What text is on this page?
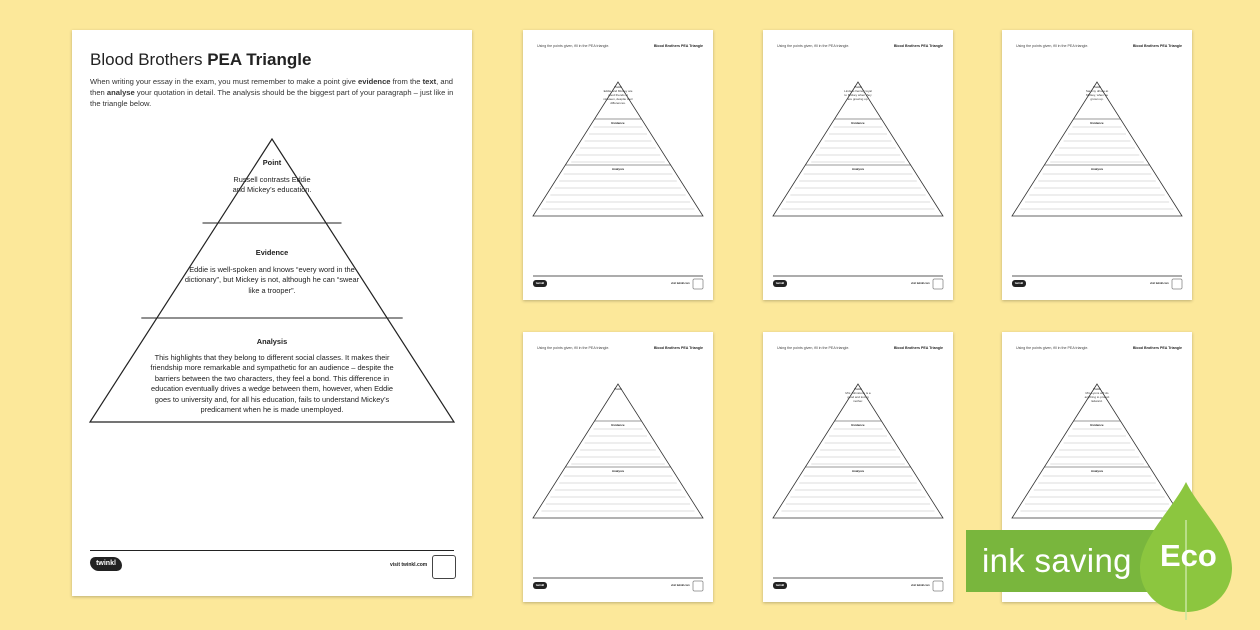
Blood Brothers PEA Triangle
When writing your essay in the exam, you must remember to make a point give evidence from the text, and then analyse your quotation in detail. The analysis should be the biggest part of your paragraph – just like in the triangle below.
Point
Russell contrasts Eddie and Mickey’s education.
Evidence
Eddie is well-spoken and knows “every word in the dictionary”, but Mickey is not, although he can “swear like a trooper”.
Analysis
This highlights that they belong to different social classes. It makes their friendship more remarkable and sympathetic for an audience – despite the barriers between the two characters, they feel a bond. This difference in education eventually drives a wedge between them, however, when Eddie goes to university and, for all his education, fails to understand Mickey’s predicament when he is made unemployed.
twinkl	visit twinkl.com
Using the points given, fill in the PEA triangle.	Blood Brothers PEA Triangle
Point
Eddie and Mickey are good friends at nineteen, despite their differences.
Evidence
Analysis
twinkl	visit twinkl.com
Using the points given, fill in the PEA triangle.	Blood Brothers PEA Triangle
Point
Linda is fiercely loyal to Mickey when they are growing up.
Evidence
Analysis
twinkl	visit twinkl.com
Using the points given, fill in the PEA triangle.	Blood Brothers PEA Triangle
Point
Sammy drives at Mickey, when he grown up.
Evidence
Analysis
twinkl	visit twinkl.com
Using the points given, fill in the PEA triangle.	Blood Brothers PEA Triangle
Point
Evidence
Analysis
twinkl	visit twinkl.com
Using the points given, fill in the PEA triangle.	Blood Brothers PEA Triangle
Point
Mrs Johnstone is a good and loving mother.
Evidence
Analysis
twinkl	visit twinkl.com
Using the points given, fill in the PEA triangle.	Blood Brothers PEA Triangle
Point
Mrs Lyons will do anything to protect Edward.
Evidence
Analysis
ink saving Eco
